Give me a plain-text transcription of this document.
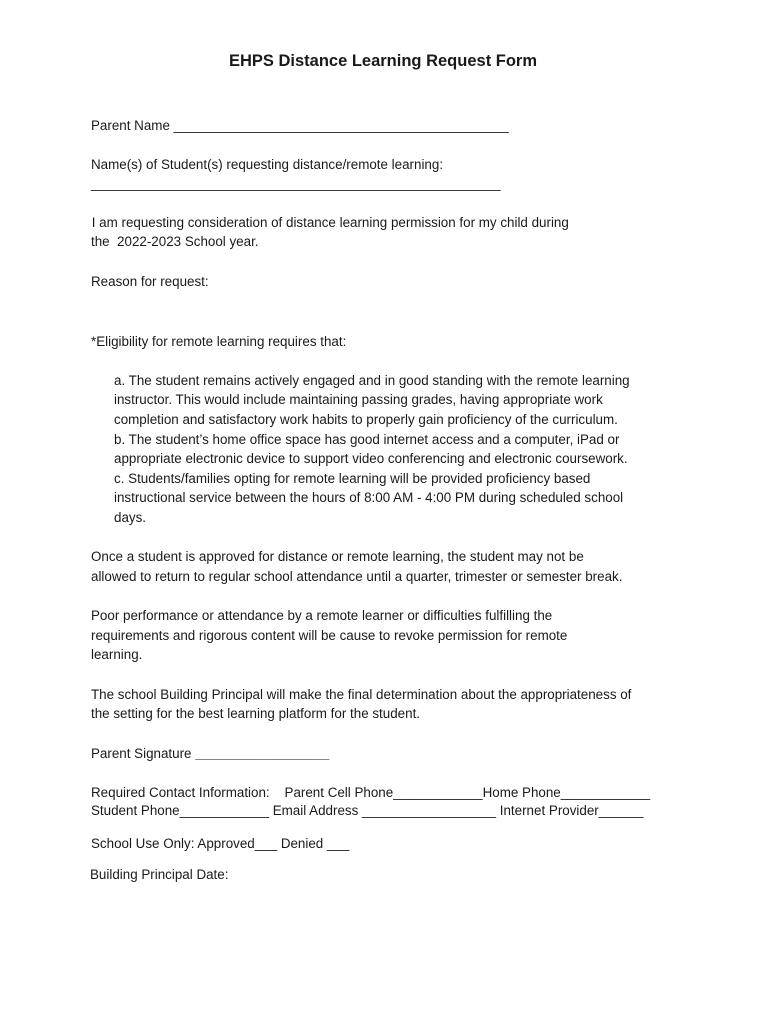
EHPS Distance Learning Request Form
Parent Name _____________________________________________
Name(s) of Student(s) requesting distance/remote learning:
_______________________________________________________
I am requesting consideration of distance learning permission for my child during
the  2022-2023 School year.
Reason for request:
*Eligibility for remote learning requires that:
a. The student remains actively engaged and in good standing with the remote learning
instructor. This would include maintaining passing grades, having appropriate work
completion and satisfactory work habits to properly gain proficiency of the curriculum.
b. The student’s home office space has good internet access and a computer, iPad or
appropriate electronic device to support video conferencing and electronic coursework.
c. Students/families opting for remote learning will be provided proficiency based
instructional service between the hours of 8:00 AM - 4:00 PM during scheduled school
days.
Once a student is approved for distance or remote learning, the student may not be
allowed to return to regular school attendance until a quarter, trimester or semester break.
Poor performance or attendance by a remote learner or difficulties fulfilling the
requirements and rigorous content will be cause to revoke permission for remote
learning.
The school Building Principal will make the final determination about the appropriateness of
the setting for the best learning platform for the student.
Parent Signature __________________
Required Contact Information:    Parent Cell Phone____________Home Phone____________
Student Phone____________ Email Address __________________ Internet Provider______
School Use Only: Approved___ Denied ___
Building Principal Date:
